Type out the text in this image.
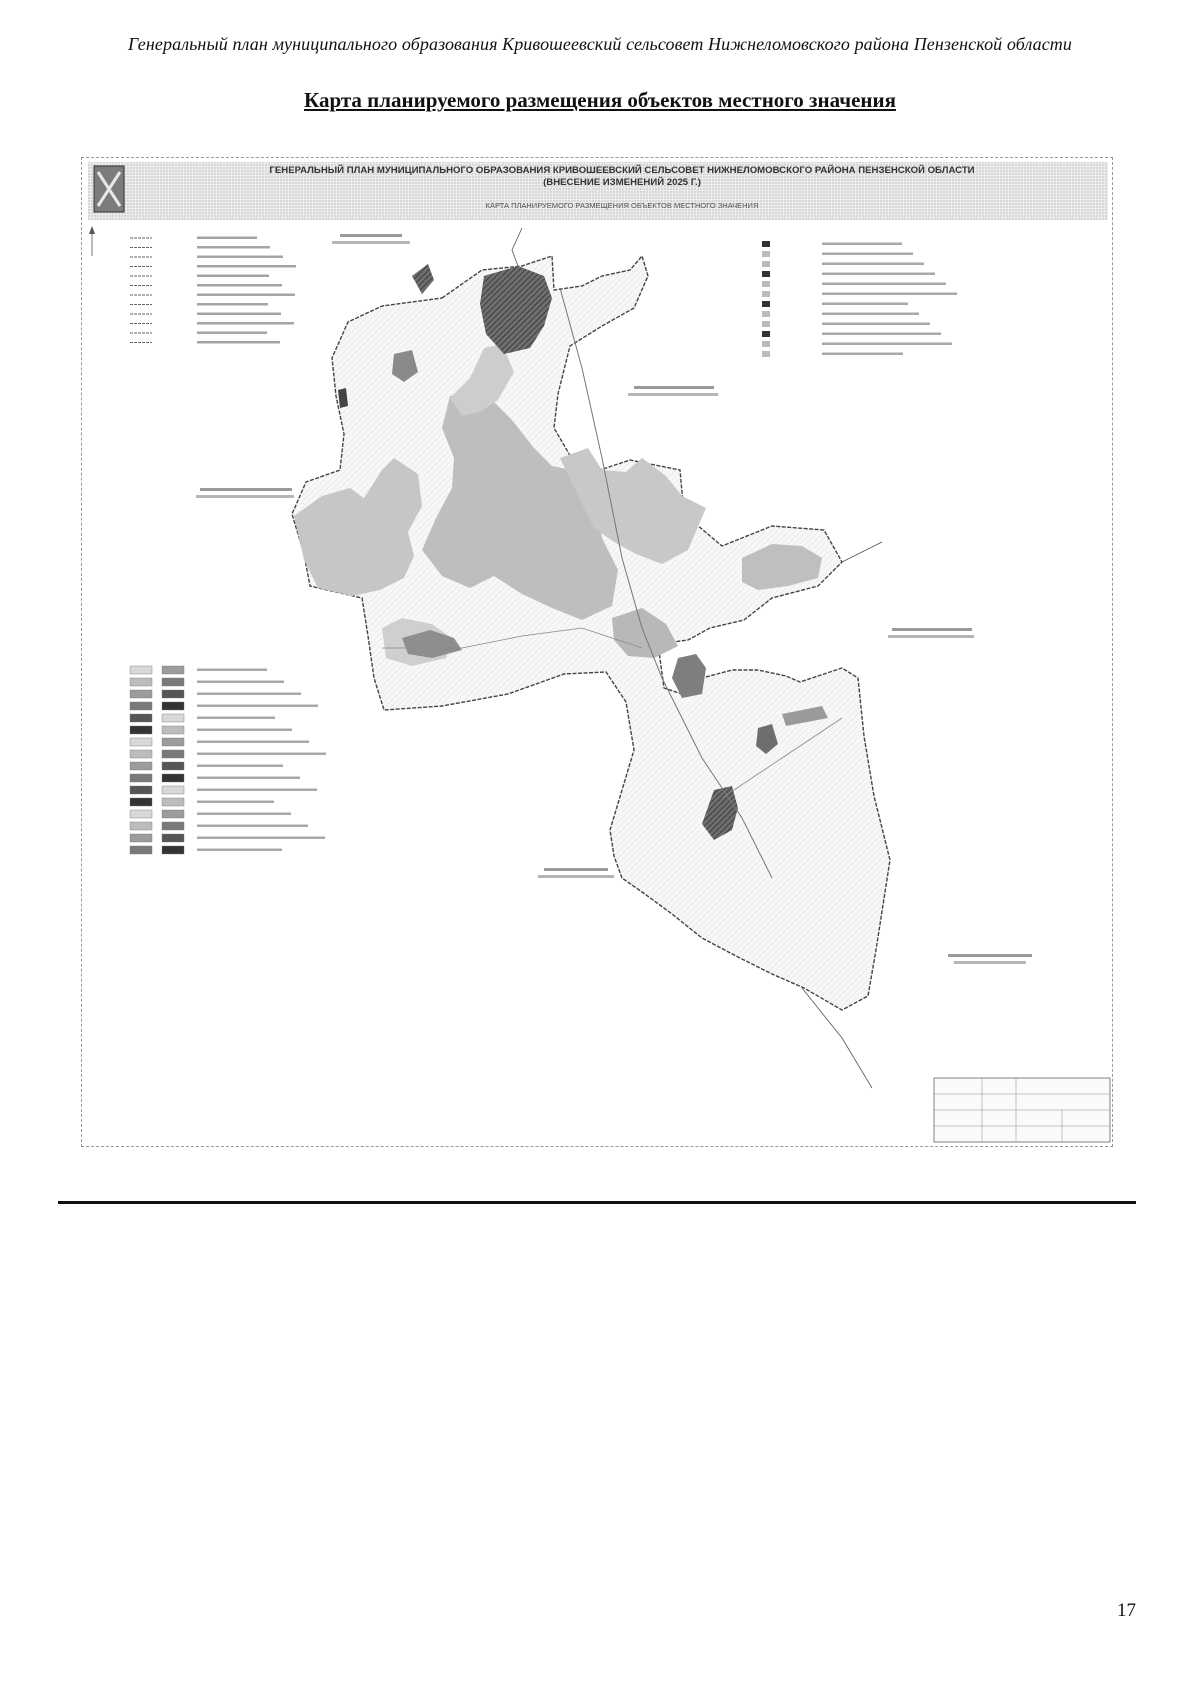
Генеральный план муниципального образования Кривошеевский сельсовет Нижнеломовского района Пензенской области
Карта планируемого размещения объектов местного значения
ГЕНЕРАЛЬНЫЙ ПЛАН МУНИЦИПАЛЬНОГО ОБРАЗОВАНИЯ КРИВОШЕЕВСКИЙ СЕЛЬСОВЕТ НИЖНЕЛОМОВСКОГО РАЙОНА ПЕНЗЕНСКОЙ ОБЛАСТИ
(ВНЕСЕНИЕ ИЗМЕНЕНИЙ 2025 Г.)
КАРТА ПЛАНИРУЕМОГО РАЗМЕЩЕНИЯ ОБЪЕКТОВ МЕСТНОГО ЗНАЧЕНИЯ
17
